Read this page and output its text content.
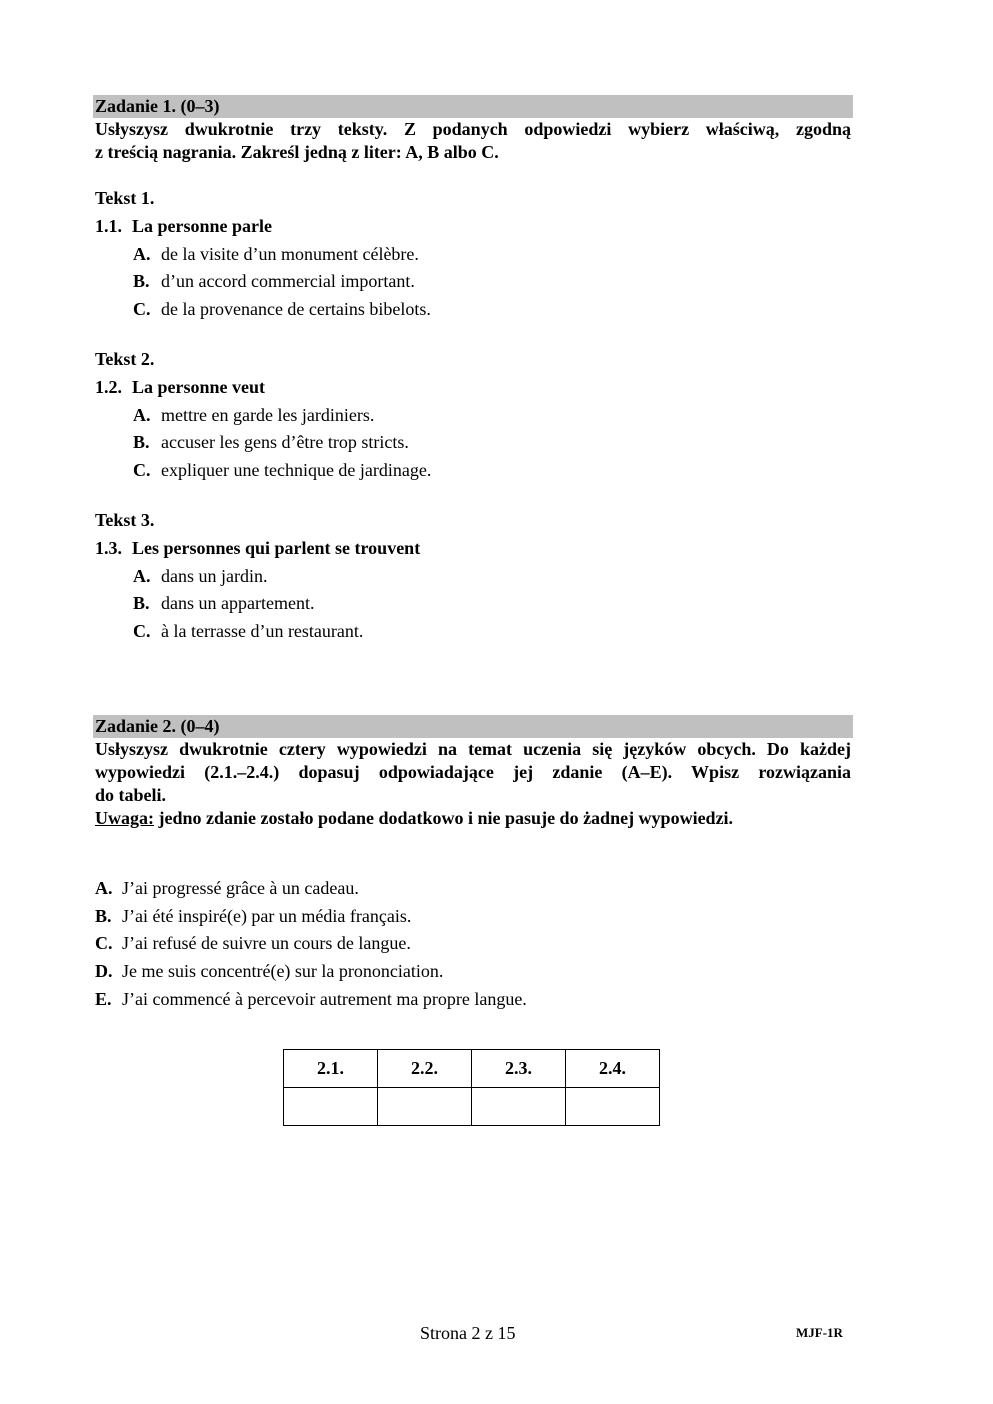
Zadanie 1. (0–3)
Usłyszysz dwukrotnie trzy teksty. Z podanych odpowiedzi wybierz właściwą, zgodną
z treścią nagrania. Zakreśl jedną z liter: A, B albo C.
Tekst 1.
1.1. La personne parle
A. de la visite d’un monument célèbre.
B. d’un accord commercial important.
C. de la provenance de certains bibelots.
Tekst 2.
1.2. La personne veut
A. mettre en garde les jardiniers.
B. accuser les gens d’être trop stricts.
C. expliquer une technique de jardinage.
Tekst 3.
1.3. Les personnes qui parlent se trouvent
A. dans un jardin.
B. dans un appartement.
C. à la terrasse d’un restaurant.
Zadanie 2. (0–4)
Usłyszysz dwukrotnie cztery wypowiedzi na temat uczenia się języków obcych. Do każdej
wypowiedzi (2.1.–2.4.) dopasuj odpowiadające jej zdanie (A–E). Wpisz rozwiązania
do tabeli.
Uwaga: jedno zdanie zostało podane dodatkowo i nie pasuje do żadnej wypowiedzi.
A. J’ai progressé grâce à un cadeau.
B. J’ai été inspiré(e) par un média français.
C. J’ai refusé de suivre un cours de langue.
D. Je me suis concentré(e) sur la prononciation.
E. J’ai commencé à percevoir autrement ma propre langue.
2.1.	2.2.	2.3.	2.4.

Strona 2 z 15	MJF-1R
